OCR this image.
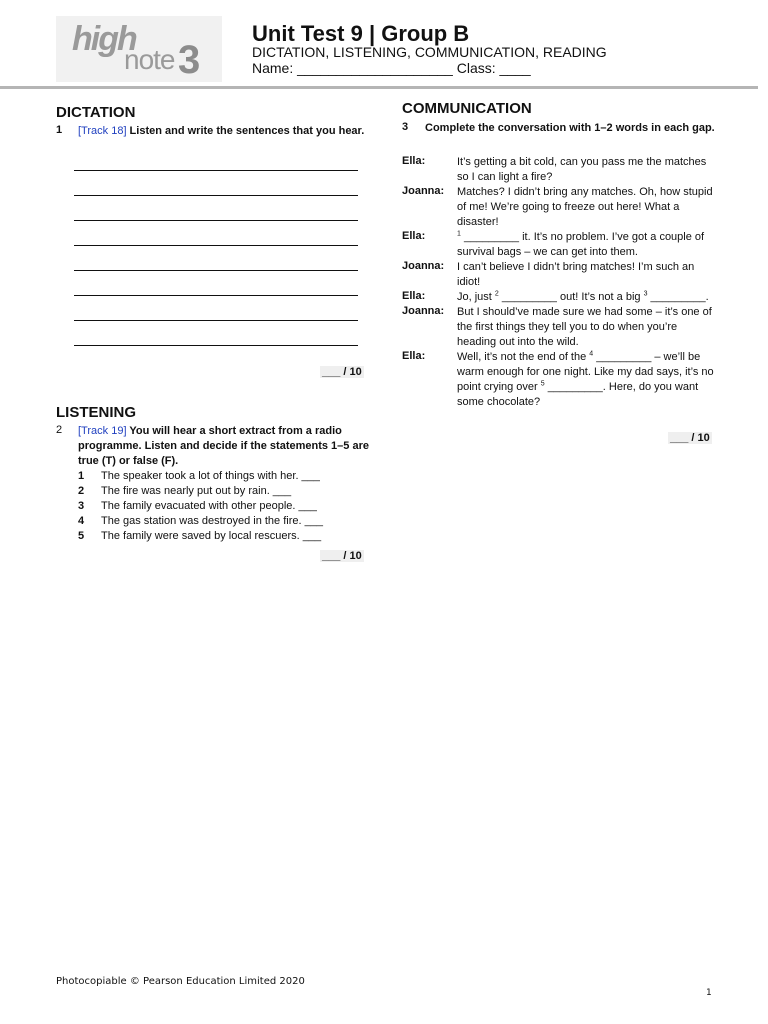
high
note 3
Unit Test 9 | Group B
DICTATION, LISTENING, COMMUNICATION, READING
Name: ____________________ Class: ____
DICTATION
1 [Track 18] Listen and write the sentences that you hear.
___ / 10
LISTENING
2 [Track 19] You will hear a short extract from a radio programme. Listen and decide if the statements 1–5 are true (T) or false (F).
1 The speaker took a lot of things with her. ___
2 The fire was nearly put out by rain. ___
3 The family evacuated with other people. ___
4 The gas station was destroyed in the fire. ___
5 The family were saved by local rescuers. ___
___ / 10
COMMUNICATION
3 Complete the conversation with 1–2 words in each gap.
Ella:	It’s getting a bit cold, can you pass me the matches so I can light a fire?
Joanna:	Matches? I didn’t bring any matches. Oh, how stupid of me! We’re going to freeze out here! What a disaster!
Ella:	$^1$ _________ it. It’s no problem. I’ve got a couple of survival bags – we can get into them.
Joanna:	I can’t believe I didn’t bring matches! I’m such an idiot!
Ella:	Jo, just $^2$ _________ out! It’s not a big $^3$ _________.
Joanna:	But I should’ve made sure we had some – it’s one of the first things they tell you to do when you’re heading out into the wild.
Ella:	Well, it’s not the end of the $^4$ _________ – we’ll be warm enough for one night. Like my dad says, it’s no point crying over $^5$ _________. Here, do you want some chocolate?
___ / 10
Photocopiable © Pearson Education Limited 2020
1
